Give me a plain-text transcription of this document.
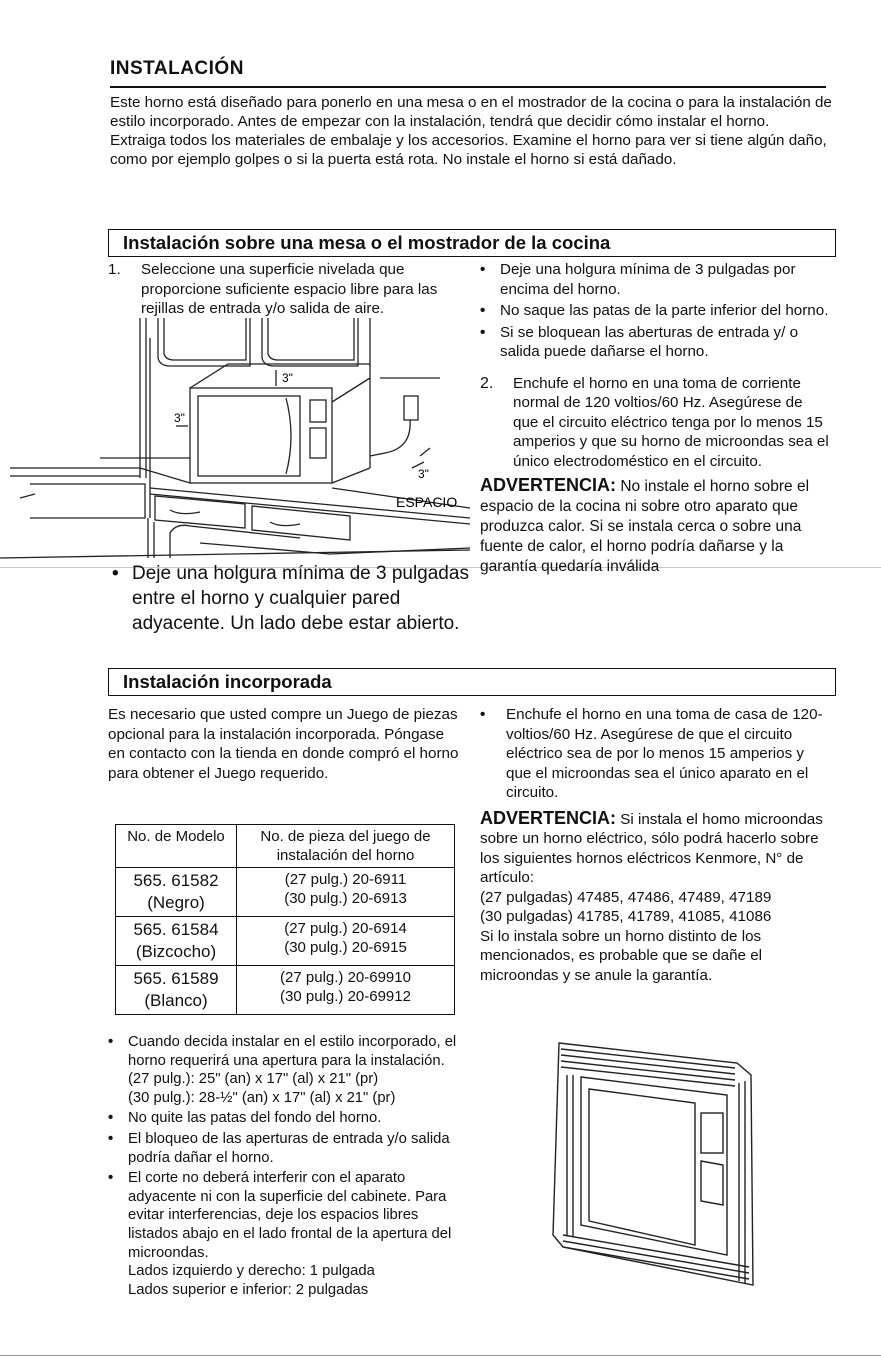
INSTALACIÓN

Este horno está diseñado para ponerlo en una mesa o en el mostrador de la cocina o para la instalación de estilo incorporado. Antes de empezar con la instalación, tendrá que decidir cómo instalar el horno.

Extraiga todos los materiales de embalaje y los accesorios. Examine el horno para ver si tiene algún daño, como por ejemplo golpes o si la puerta está rota. No instale el horno si está dañado.

Instalación sobre una mesa o el mostrador de la cocina
1.	Seleccione una superficie nivelada que proporcione suficiente espacio libre para las rejillas de entrada y/o salida de aire.
3"
3"
3"
ESPACIO
• Deje una holgura mínima de 3 pulgadas entre el horno y cualquier pared adyacente. Un lado debe estar abierto.
• Deje una holgura mínima de 3 pulgadas por encima del horno.
• No saque las patas de la parte inferior del horno.
• Si se bloquean las aberturas de entrada y/ o salida puede dañarse el horno.
2.	Enchufe el horno en una toma de corriente normal de 120 voltios/60 Hz. Asegúrese de que el circuito eléctrico tenga por lo menos 15 amperios y que su horno de microondas sea el único electrodoméstico en el circuito.

ADVERTENCIA: No instale el horno sobre el espacio de la cocina ni sobre otro aparato que produzca calor. Si se instala cerca o sobre una fuente de calor, el horno podría dañarse y la garantía quedaría inválida

Instalación incorporada

Es necesario que usted compre un Juego de piezas opcional para la instalación incorporada. Póngase en contacto con la tienda en donde compró el horno para obtener el Juego requerido.

No. de Modelo	No. de pieza del juego de instalación del horno
565. 61582 (Negro)	(27 pulg.) 20-6911
(30 pulg.) 20-6913

565. 61584 (Bizcocho)	(27 pulg.) 20-6914
(30 pulg.) 20-6915

565. 61589 (Blanco)	(27 pulg.) 20-69910
(30 pulg.) 20-69912
•	Cuando decida instalar en el estilo incorporado, el horno requerirá una apertura para la instalación.
(27 pulg.): 25" (an) x 17" (al) x 21" (pr)
(30 pulg.): 28-½" (an) x 17" (al) x 21" (pr)
•	No quite las patas del fondo del horno.
•	El bloqueo de las aperturas de entrada y/o salida podría dañar el horno.
•	El corte no deberá interferir con el aparato adyacente ni con la superficie del cabinete. Para evitar interferencias, deje los espacios libres listados abajo en el lado frontal de la apertura del microondas.
Lados izquierdo y derecho: 1 pulgada
Lados superior e inferior: 2 pulgadas
•	Enchufe el horno en una toma de casa de 120-voltios/60 Hz. Asegúrese de que el circuito eléctrico sea de por lo menos 15 amperios y que el microondas sea el único aparato en el circuito.

ADVERTENCIA: Si instala el homo microondas sobre un horno eléctrico, sólo podrá hacerlo sobre los siguientes hornos eléctricos Kenmore, N° de artículo:
(27 pulgadas) 47485, 47486, 47489, 47189
(30 pulgadas) 41785, 41789, 41085, 41086
Si lo instala sobre un horno distinto de los mencionados, es probable que se dañe el microondas y se anule la garantía.
